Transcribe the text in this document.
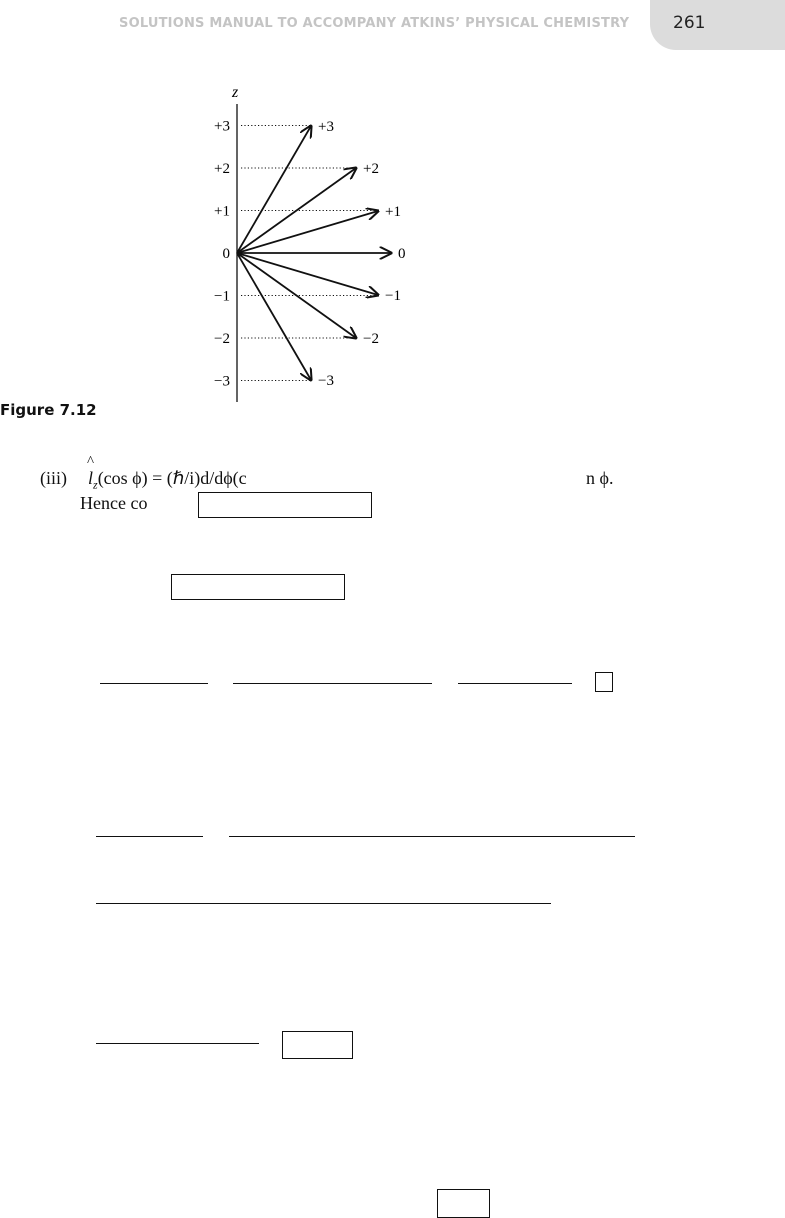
261
SOLUTIONS MANUAL TO ACCOMPANY ATKINS’ PHYSICAL CHEMISTRY
z
+3
+2
+1
0
−1
−2
−3
+3
+2
+1
0
−1
−2
−3
Figure 7.12
(iii)
^
$l_z(\cos$ ϕ) = (ℏ/i)d/dϕ(c	n ϕ.
Hence co
